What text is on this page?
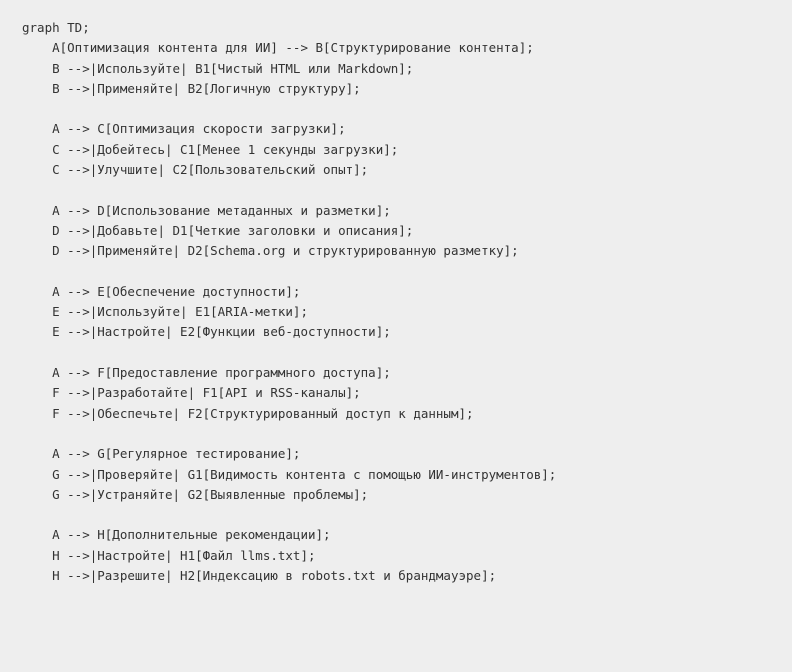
graph TD;
A[Оптимизация контента для ИИ] --> B[Структурирование контента];
B -->|Используйте| B1[Чистый HTML или Markdown];
B -->|Применяйте| B2[Логичную структуру];
A --> C[Оптимизация скорости загрузки];
C -->|Добейтесь| C1[Менее 1 секунды загрузки];
C -->|Улучшите| C2[Пользовательский опыт];
A --> D[Использование метаданных и разметки];
D -->|Добавьте| D1[Четкие заголовки и описания];
D -->|Применяйте| D2[Schema.org и структурированную разметку];
A --> E[Обеспечение доступности];
E -->|Используйте| E1[ARIA-метки];
E -->|Настройте| E2[Функции веб-доступности];
A --> F[Предоставление программного доступа];
F -->|Разработайте| F1[API и RSS-каналы];
F -->|Обеспечьте| F2[Структурированный доступ к данным];
A --> G[Регулярное тестирование];
G -->|Проверяйте| G1[Видимость контента с помощью ИИ-инструментов];
G -->|Устраняйте| G2[Выявленные проблемы];
A --> H[Дополнительные рекомендации];
H -->|Настройте| H1[Файл llms.txt];
H -->|Разрешите| H2[Индексацию в robots.txt и брандмауэре];
